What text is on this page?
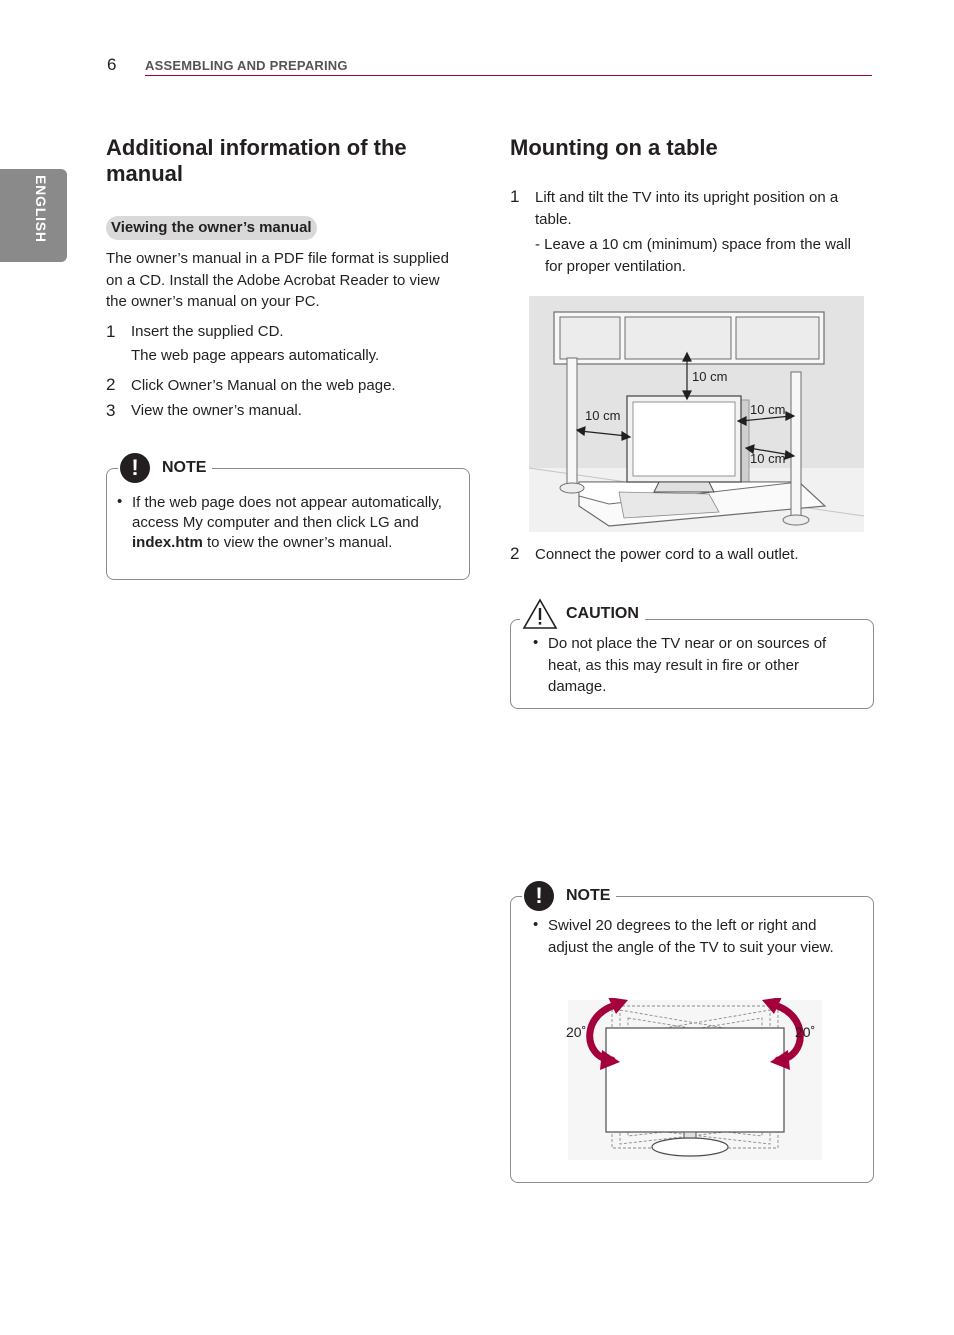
6 ASSEMBLING AND PREPARING
ENGLISH
Additional information of the manual
Viewing the owner’s manual
The owner’s manual in a PDF file format is supplied on a CD. Install the Adobe Acrobat Reader to view the owner’s manual on your PC.
1 Insert the supplied CD.
The web page appears automatically.
2 Click Owner’s Manual on the web page.
3 View the owner’s manual.
!	NOTE
• If the web page does not appear automatically, access My computer and then click LG and index.htm to view the owner’s manual.
Mounting on a table
1 Lift and tilt the TV into its upright position on a table.
- Leave a 10 cm (minimum) space from the wall for proper ventilation.
10 cm
10 cm	10 cm
10 cm
2 Connect the power cord to a wall outlet.
CAUTION
• Do not place the TV near or on sources of heat, as this may result in fire or other damage.
!	NOTE
• Swivel 20 degrees to the left or right and adjust the angle of the TV to suit your view.
20˚	20˚
